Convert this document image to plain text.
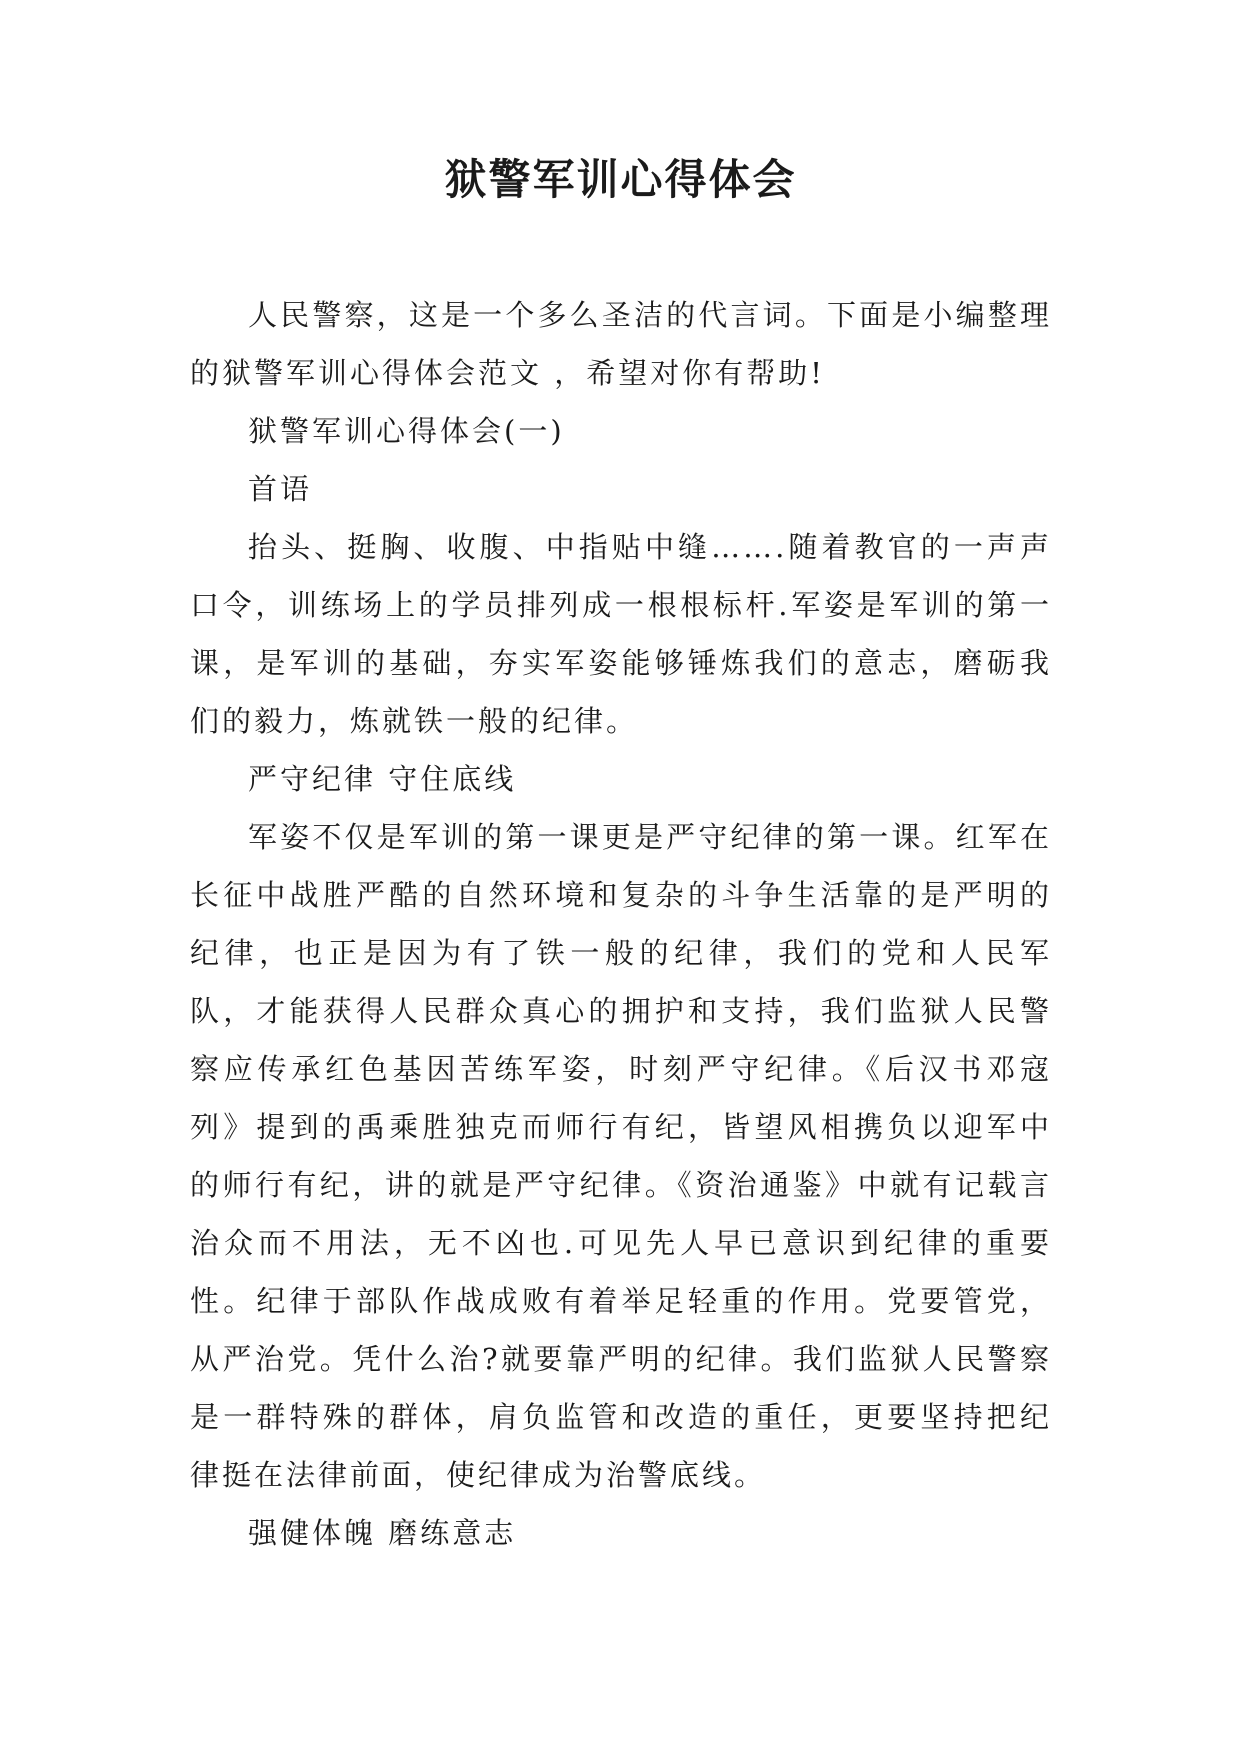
狱警军训心得体会

人民警察，这是一个多么圣洁的代言词。下面是小编整理的狱警军训心得体会范文 ，希望对你有帮助!

狱警军训心得体会(一)

首语

抬头、挺胸、收腹、中指贴中缝…….随着教官的一声声口令，训练场上的学员排列成一根根标杆.军姿是军训的第一课，是军训的基础，夯实军姿能够锤炼我们的意志，磨砺我们的毅力，炼就铁一般的纪律。

严守纪律 守住底线

军姿不仅是军训的第一课更是严守纪律的第一课。红军在长征中战胜严酷的自然环境和复杂的斗争生活靠的是严明的纪律，也正是因为有了铁一般的纪律，我们的党和人民军队，才能获得人民群众真心的拥护和支持，我们监狱人民警察应传承红色基因苦练军姿，时刻严守纪律。《后汉书邓寇列》提到的禹乘胜独克而师行有纪，皆望风相携负以迎军中的师行有纪，讲的就是严守纪律。《资治通鉴》中就有记载言治众而不用法，无不凶也.可见先人早已意识到纪律的重要性。纪律于部队作战成败有着举足轻重的作用。党要管党，从严治党。凭什么治?就要靠严明的纪律。我们监狱人民警察是一群特殊的群体，肩负监管和改造的重任，更要坚持把纪律挺在法律前面，使纪律成为治警底线。

强健体魄 磨练意志
